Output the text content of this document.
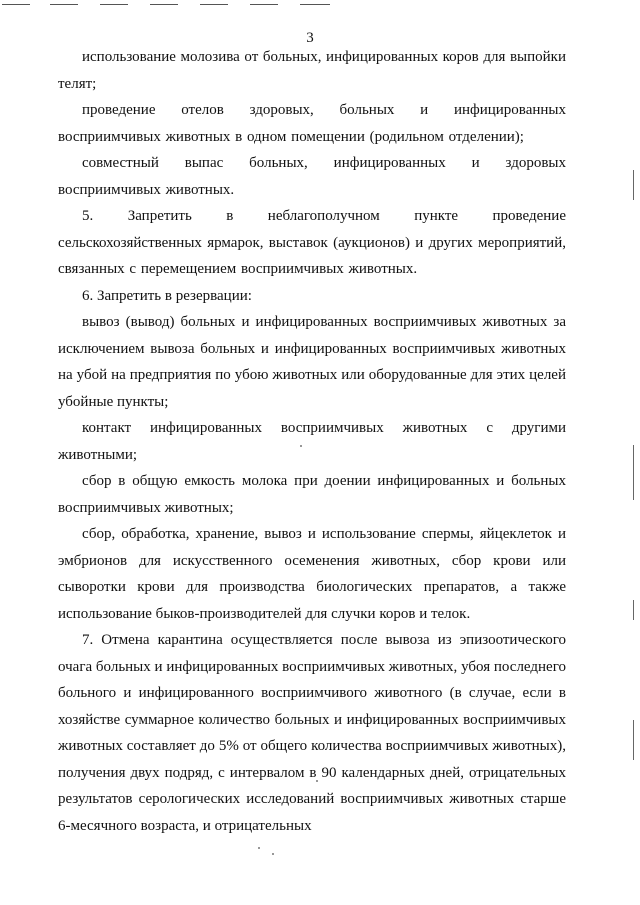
3

использование молозива от больных, инфицированных коров для выпойки телят;

проведение отелов здоровых, больных и инфицированных восприимчивых животных в одном помещении (родильном отделении);

совместный выпас больных, инфицированных и здоровых восприимчивых животных.

5. Запретить в неблагополучном пункте проведение сельскохозяйственных ярмарок, выставок (аукционов) и других мероприятий, связанных с перемещением восприимчивых животных.

6. Запретить в резервации:

вывоз (вывод) больных и инфицированных восприимчивых животных за исключением вывоза больных и инфицированных восприимчивых животных на убой на предприятия по убою животных или оборудованные для этих целей убойные пункты;

контакт инфицированных восприимчивых животных с другими животными;

сбор в общую емкость молока при доении инфицированных и больных восприимчивых животных;

сбор, обработка, хранение, вывоз и использование спермы, яйцеклеток и эмбрионов для искусственного осеменения животных, сбор крови или сыворотки крови для производства биологических препаратов, а также использование быков-производителей для случки коров и телок.

7. Отмена карантина осуществляется после вывоза из эпизоотического очага больных и инфицированных восприимчивых животных, убоя последнего больного и инфицированного восприимчивого животного (в случае, если в хозяйстве суммарное количество больных и инфицированных восприимчивых животных составляет до 5% от общего количества восприимчивых животных), получения двух подряд, с интервалом в 90 календарных дней, отрицательных результатов серологических исследований восприимчивых животных старше 6-месячного возраста, и отрицательных
